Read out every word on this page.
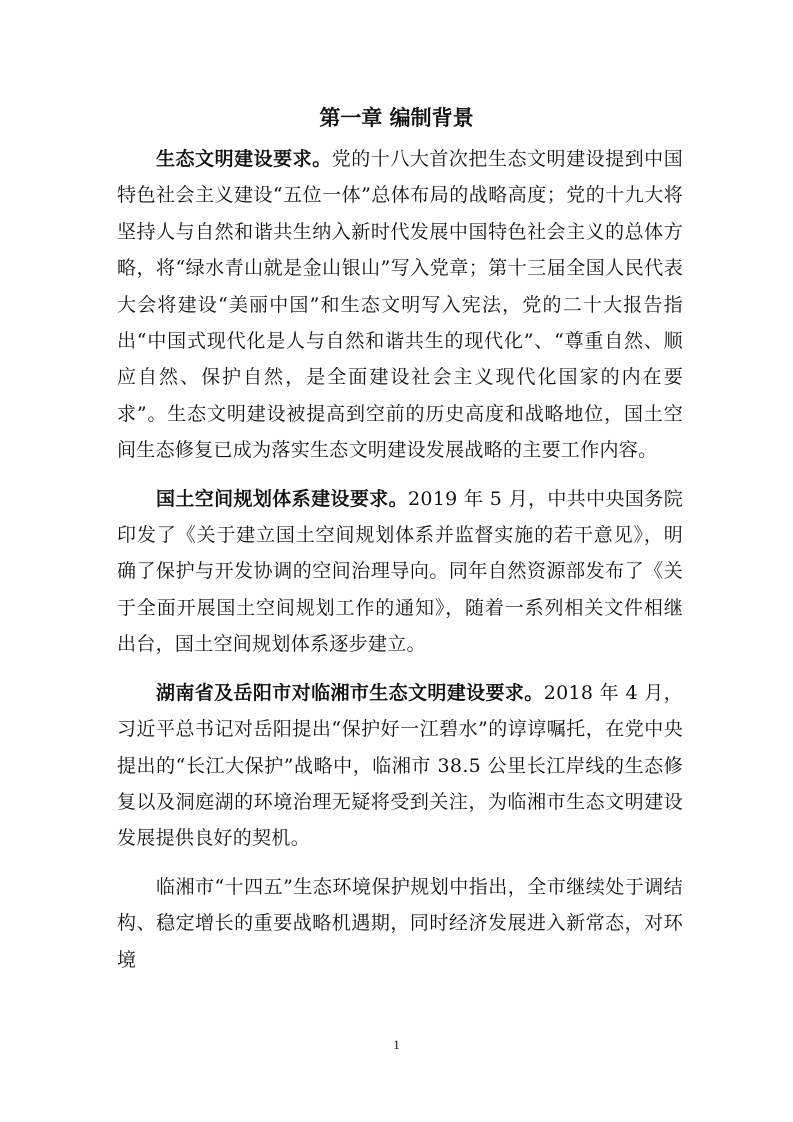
第一章 编制背景

生态文明建设要求。党的十八大首次把生态文明建设提到中国特色社会主义建设“五位一体”总体布局的战略高度；党的十九大将坚持人与自然和谐共生纳入新时代发展中国特色社会主义的总体方略，将“绿水青山就是金山银山”写入党章；第十三届全国人民代表大会将建设“美丽中国”和生态文明写入宪法，党的二十大报告指出“中国式现代化是人与自然和谐共生的现代化”、“尊重自然、顺应自然、保护自然，是全面建设社会主义现代化国家的内在要求”。生态文明建设被提高到空前的历史高度和战略地位，国土空间生态修复已成为落实生态文明建设发展战略的主要工作内容。

国土空间规划体系建设要求。2019 年 5 月，中共中央国务院印发了《关于建立国土空间规划体系并监督实施的若干意见》，明确了保护与开发协调的空间治理导向。同年自然资源部发布了《关于全面开展国土空间规划工作的通知》，随着一系列相关文件相继出台，国土空间规划体系逐步建立。

湖南省及岳阳市对临湘市生态文明建设要求。2018 年 4 月，习近平总书记对岳阳提出“保护好一江碧水”的谆谆嘱托，在党中央提出的“长江大保护”战略中，临湘市 38.5 公里长江岸线的生态修复以及洞庭湖的环境治理无疑将受到关注，为临湘市生态文明建设发展提供良好的契机。

临湘市“十四五”生态环境保护规划中指出，全市继续处于调结构、稳定增长的重要战略机遇期，同时经济发展进入新常态，对环境

1
